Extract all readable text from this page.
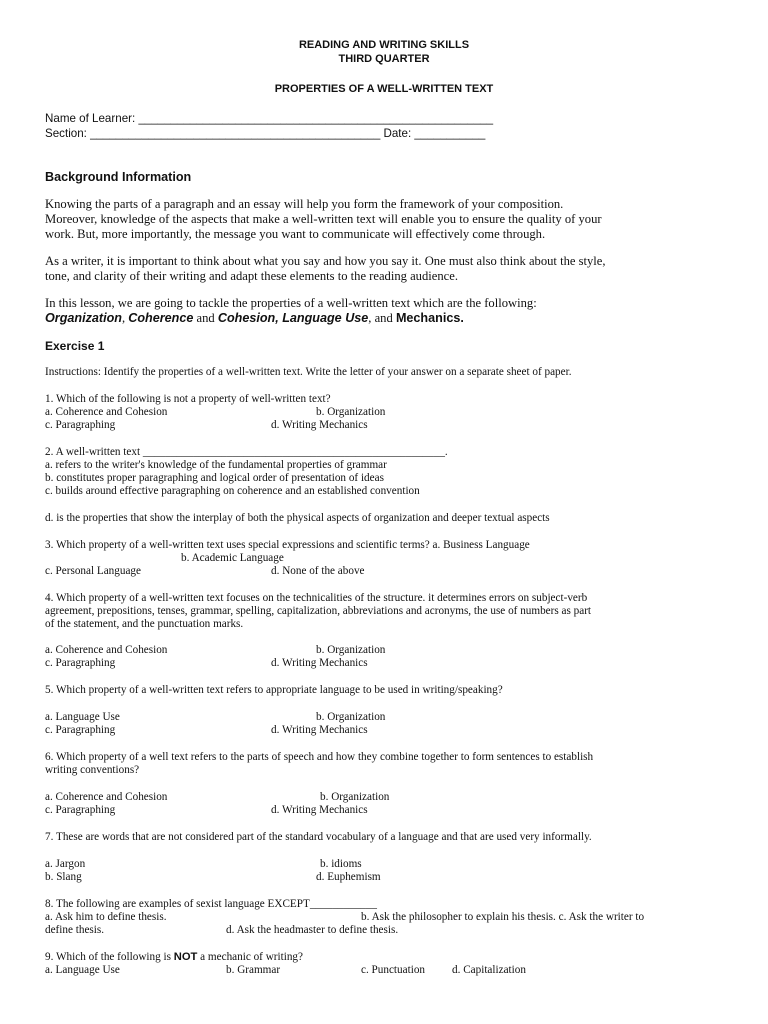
READING AND WRITING SKILLS
THIRD QUARTER
PROPERTIES OF A WELL-WRITTEN TEXT
Name of Learner: _______________________________________________________
Section: _____________________________________________ Date: ___________
Background Information
Knowing the parts of a paragraph and an essay will help you form the framework of your composition.
Moreover, knowledge of the aspects that make a well-written text will enable you to ensure the quality of your
work. But, more importantly, the message you want to communicate will effectively come through.
As a writer, it is important to think about what you say and how you say it. One must also think about the style,
tone, and clarity of their writing and adapt these elements to the reading audience.
In this lesson, we are going to tackle the properties of a well-written text which are the following:
Organization, Coherence and Cohesion, Language Use, and Mechanics.
Exercise 1
Instructions: Identify the properties of a well-written text. Write the letter of your answer on a separate sheet of paper.
1. Which of the following is not a property of well-written text?
a. Coherence and Cohesion	b. Organization
c. Paragraphing	d. Writing Mechanics
2. A well-written text ______________________________________________________.
a. refers to the writer's knowledge of the fundamental properties of grammar
b. constitutes proper paragraphing and logical order of presentation of ideas
c. builds around effective paragraphing on coherence and an established convention
d. is the properties that show the interplay of both the physical aspects of organization and deeper textual aspects
3. Which property of a well-written text uses special expressions and scientific terms? a. Business Language
b. Academic Language
c. Personal Language	d. None of the above
4. Which property of a well-written text focuses on the technicalities of the structure. it determines errors on subject-verb
agreement, prepositions, tenses, grammar, spelling, capitalization, abbreviations and acronyms, the use of numbers as part
of the statement, and the punctuation marks.
a. Coherence and Cohesion	b. Organization
c. Paragraphing	d. Writing Mechanics
5. Which property of a well-written text refers to appropriate language to be used in writing/speaking?
a. Language Use	b. Organization
c. Paragraphing	d. Writing Mechanics
6. Which property of a well text refers to the parts of speech and how they combine together to form sentences to establish
writing conventions?
a. Coherence and Cohesion	b. Organization
c. Paragraphing	d. Writing Mechanics
7. These are words that are not considered part of the standard vocabulary of a language and that are used very informally.
a. Jargon	b. idioms
b. Slang	d. Euphemism
8. The following are examples of sexist language EXCEPT____________
a. Ask him to define thesis.	b. Ask the philosopher to explain his thesis. c. Ask the writer to
define thesis.	d. Ask the headmaster to define thesis.
9. Which of the following is NOT a mechanic of writing?
a. Language Use	b. Grammar	c. Punctuation d. Capitalization
